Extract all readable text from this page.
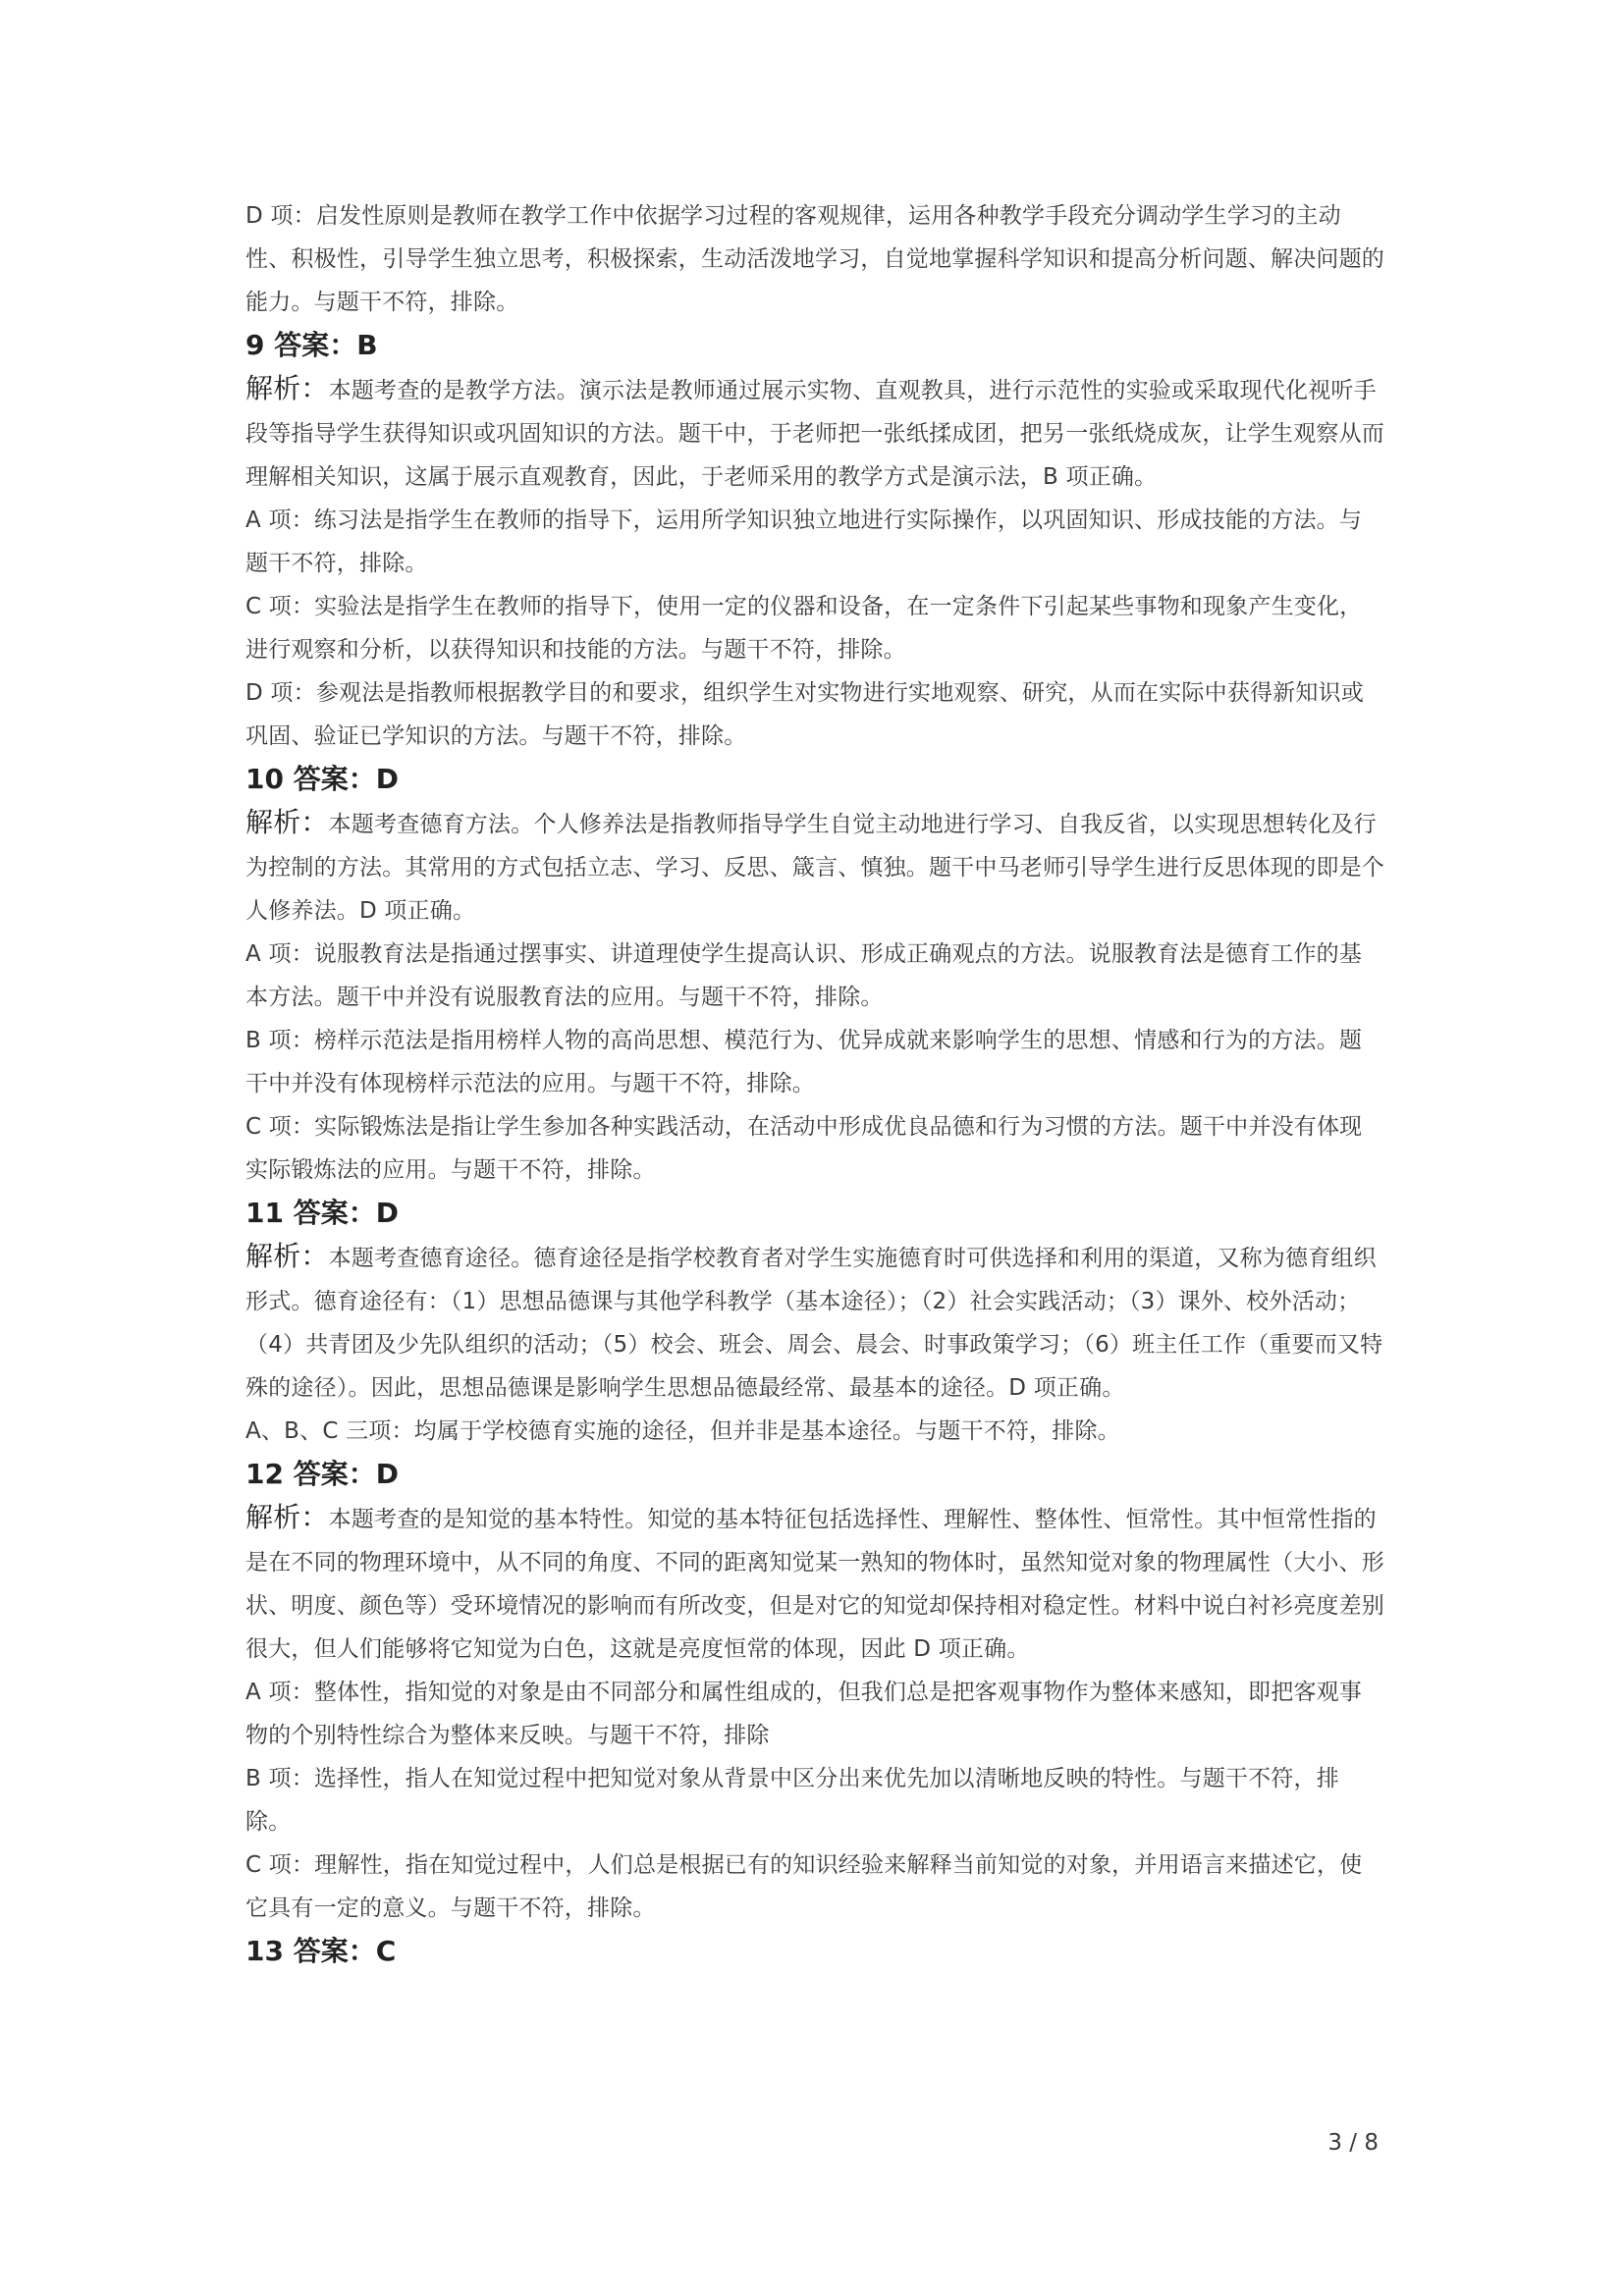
D 项：启发性原则是教师在教学工作中依据学习过程的客观规律，运用各种教学手段充分调动学生学习的主动性、积极性，引导学生独立思考，积极探索，生动活泼地学习，自觉地掌握科学知识和提高分析问题、解决问题的能力。与题干不符，排除。
9 答案：B
解析：本题考查的是教学方法。演示法是教师通过展示实物、直观教具，进行示范性的实验或采取现代化视听手段等指导学生获得知识或巩固知识的方法。题干中，于老师把一张纸揉成团，把另一张纸烧成灰，让学生观察从而理解相关知识，这属于展示直观教育，因此，于老师采用的教学方式是演示法，B 项正确。
A 项：练习法是指学生在教师的指导下，运用所学知识独立地进行实际操作，以巩固知识、形成技能的方法。与题干不符，排除。
C 项：实验法是指学生在教师的指导下，使用一定的仪器和设备，在一定条件下引起某些事物和现象产生变化，进行观察和分析，以获得知识和技能的方法。与题干不符，排除。
D 项：参观法是指教师根据教学目的和要求，组织学生对实物进行实地观察、研究，从而在实际中获得新知识或巩固、验证已学知识的方法。与题干不符，排除。
10 答案：D
解析：本题考查德育方法。个人修养法是指教师指导学生自觉主动地进行学习、自我反省，以实现思想转化及行为控制的方法。其常用的方式包括立志、学习、反思、箴言、慎独。题干中马老师引导学生进行反思体现的即是个人修养法。D 项正确。
A 项：说服教育法是指通过摆事实、讲道理使学生提高认识、形成正确观点的方法。说服教育法是德育工作的基本方法。题干中并没有说服教育法的应用。与题干不符，排除。
B 项：榜样示范法是指用榜样人物的高尚思想、模范行为、优异成就来影响学生的思想、情感和行为的方法。题干中并没有体现榜样示范法的应用。与题干不符，排除。
C 项：实际锻炼法是指让学生参加各种实践活动，在活动中形成优良品德和行为习惯的方法。题干中并没有体现实际锻炼法的应用。与题干不符，排除。
11 答案：D
解析：本题考查德育途径。德育途径是指学校教育者对学生实施德育时可供选择和利用的渠道，又称为德育组织形式。德育途径有：（1）思想品德课与其他学科教学（基本途径）；（2）社会实践活动；（3）课外、校外活动；（4）共青团及少先队组织的活动；（5）校会、班会、周会、晨会、时事政策学习；（6）班主任工作（重要而又特殊的途径）。因此，思想品德课是影响学生思想品德最经常、最基本的途径。D 项正确。
A、B、C 三项：均属于学校德育实施的途径，但并非是基本途径。与题干不符，排除。
12 答案：D
解析：本题考查的是知觉的基本特性。知觉的基本特征包括选择性、理解性、整体性、恒常性。其中恒常性指的是在不同的物理环境中，从不同的角度、不同的距离知觉某一熟知的物体时，虽然知觉对象的物理属性（大小、形状、明度、颜色等）受环境情况的影响而有所改变，但是对它的知觉却保持相对稳定性。材料中说白衬衫亮度差别很大，但人们能够将它知觉为白色，这就是亮度恒常的体现，因此 D 项正确。
A 项：整体性，指知觉的对象是由不同部分和属性组成的，但我们总是把客观事物作为整体来感知，即把客观事物的个别特性综合为整体来反映。与题干不符，排除
B 项：选择性，指人在知觉过程中把知觉对象从背景中区分出来优先加以清晰地反映的特性。与题干不符，排除。
C 项：理解性，指在知觉过程中，人们总是根据已有的知识经验来解释当前知觉的对象，并用语言来描述它，使它具有一定的意义。与题干不符，排除。
13 答案：C
3 / 8
